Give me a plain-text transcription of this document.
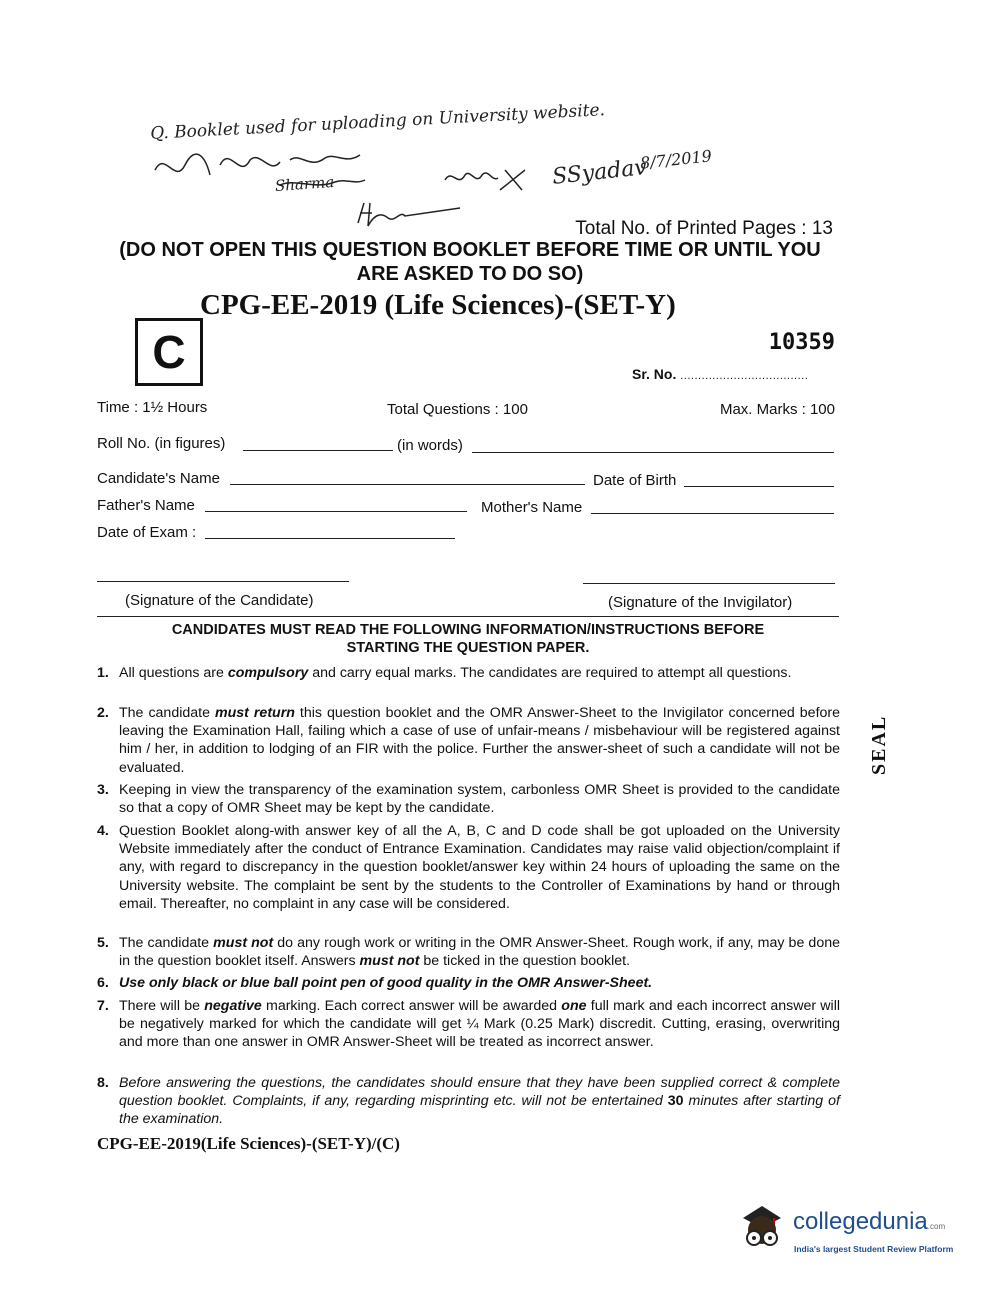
Q. Booklet used for uploading on University website.
Sharma	SSyadav
8/7/2019
Total No. of Printed Pages : 13
(DO NOT OPEN THIS QUESTION BOOKLET BEFORE TIME OR UNTIL YOU
ARE ASKED TO DO SO)
CPG-EE-2019 (Life Sciences)-(SET-Y)
C	10359
Sr. No. ....................................
Time : 1½ Hours	Total Questions : 100	Max. Marks : 100
Roll No. (in figures)	(in words)
Candidate's Name	Date of Birth
Father's Name	Mother's Name
Date of Exam :
(Signature of the Candidate)	(Signature of the Invigilator)
SEAL
CANDIDATES MUST READ THE FOLLOWING INFORMATION/INSTRUCTIONS BEFORE
STARTING THE QUESTION PAPER.
1. All questions are compulsory and carry equal marks. The candidates are required to attempt all questions.
2. The candidate must return this question booklet and the OMR Answer-Sheet to the Invigilator concerned before leaving the Examination Hall, failing which a case of use of unfair-means / misbehaviour will be registered against him / her, in addition to lodging of an FIR with the police. Further the answer-sheet of such a candidate will not be evaluated.
3. Keeping in view the transparency of the examination system, carbonless OMR Sheet is provided to the candidate so that a copy of OMR Sheet may be kept by the candidate.
4. Question Booklet along-with answer key of all the A, B, C and D code shall be got uploaded on the University Website immediately after the conduct of Entrance Examination. Candidates may raise valid objection/complaint if any, with regard to discrepancy in the question booklet/answer key within 24 hours of uploading the same on the University website. The complaint be sent by the students to the Controller of Examinations by hand or through email. Thereafter, no complaint in any case will be considered.
5. The candidate must not do any rough work or writing in the OMR Answer-Sheet. Rough work, if any, may be done in the question booklet itself. Answers must not be ticked in the question booklet.
6. Use only black or blue ball point pen of good quality in the OMR Answer-Sheet.
7. There will be negative marking. Each correct answer will be awarded one full mark and each incorrect answer will be negatively marked for which the candidate will get ¼ Mark (0.25 Mark) discredit. Cutting, erasing, overwriting and more than one answer in OMR Answer-Sheet will be treated as incorrect answer.
8. Before answering the questions, the candidates should ensure that they have been supplied correct & complete question booklet. Complaints, if any, regarding misprinting etc. will not be entertained 30 minutes after starting of the examination.
CPG-EE-2019(Life Sciences)-(SET-Y)/(C)
collegedunia.com
India's largest Student Review Platform
